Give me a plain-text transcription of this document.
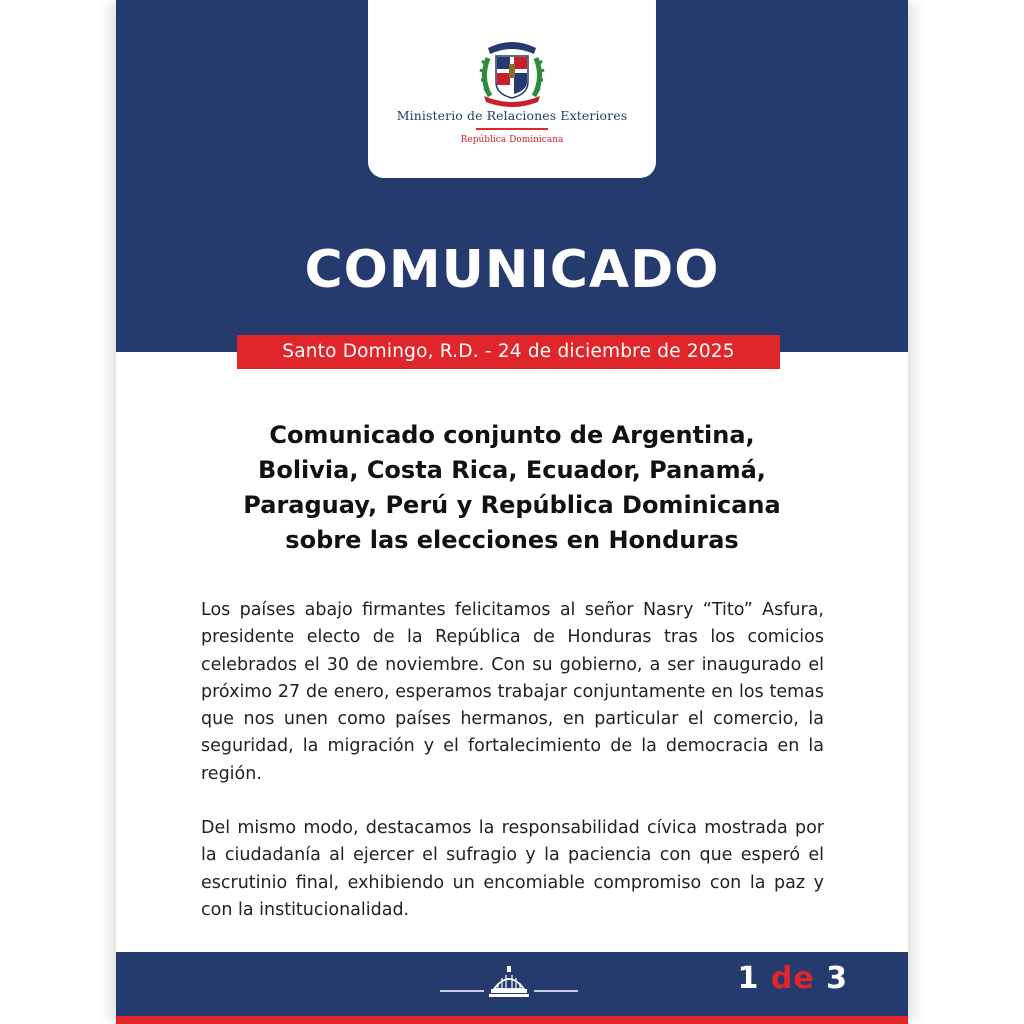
Ministerio de Relaciones Exteriores
República Dominicana
COMUNICADO
Santo Domingo, R.D. - 24 de diciembre de 2025
Comunicado conjunto de Argentina,
Bolivia, Costa Rica, Ecuador, Panamá,
Paraguay, Perú y República Dominicana
sobre las elecciones en Honduras

Los países abajo firmantes felicitamos al señor Nasry “Tito” Asfura, presidente electo de la República de Honduras tras los comicios celebrados el 30 de noviembre. Con su gobierno, a ser inaugurado el próximo 27 de enero, esperamos trabajar conjuntamente en los temas que nos unen como países hermanos, en particular el comercio, la seguridad, la migración y el fortalecimiento de la democracia en la región.

Del mismo modo, destacamos la responsabilidad cívica mostrada por la ciudadanía al ejercer el sufragio y la paciencia con que esperó el escrutinio final, exhibiendo un encomiable compromiso con la paz y con la institucionalidad.

1 de 3
